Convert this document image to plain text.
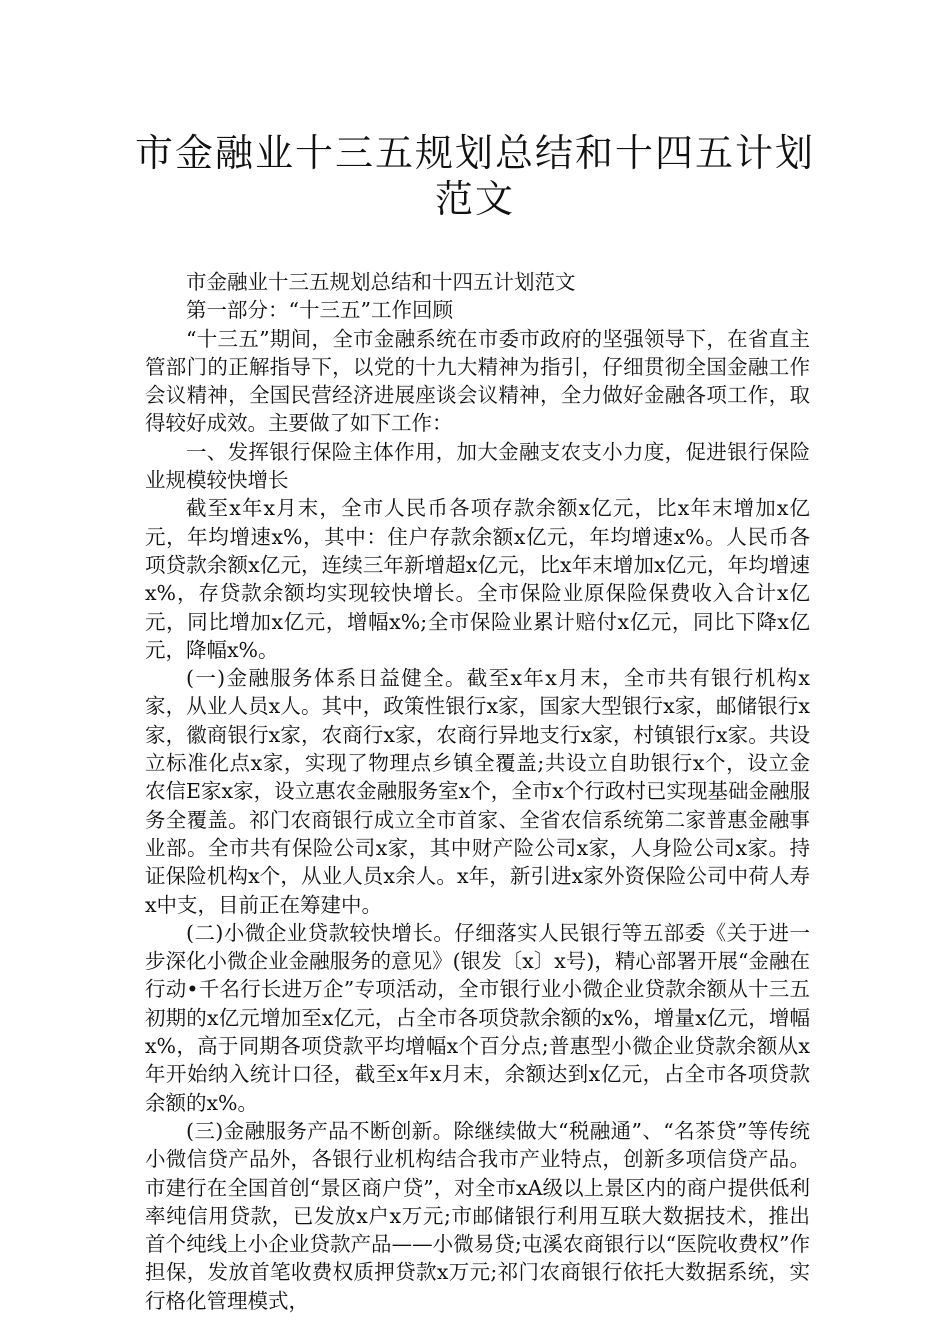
市金融业十三五规划总结和十四五计划
范文

市金融业十三五规划总结和十四五计划范文

第一部分：“十三五”工作回顾

“十三五”期间，全市金融系统在市委市政府的坚强领导下，在省直主管部门的正解指导下，以党的十九大精神为指引，仔细贯彻全国金融工作会议精神，全国民营经济进展座谈会议精神，全力做好金融各项工作，取得较好成效。主要做了如下工作：

一、发挥银行保险主体作用，加大金融支农支小力度，促进银行保险业规模较快增长

截至x年x月末，全市人民币各项存款余额x亿元，比x年末增加x亿元，年均增速x%，其中：住户存款余额x亿元，年均增速x%。人民币各项贷款余额x亿元，连续三年新增超x亿元，比x年末增加x亿元，年均增速x%，存贷款余额均实现较快增长。全市保险业原保险保费收入合计x亿元，同比增加x亿元，增幅x%;全市保险业累计赔付x亿元，同比下降x亿元，降幅x%。

(一)金融服务体系日益健全。截至x年x月末，全市共有银行机构x家，从业人员x人。其中，政策性银行x家，国家大型银行x家，邮储银行x家，徽商银行x家，农商行x家，农商行异地支行x家，村镇银行x家。共设立标准化点x家，实现了物理点乡镇全覆盖;共设立自助银行x个，设立金农信E家x家，设立惠农金融服务室x个，全市x个行政村已实现基础金融服务全覆盖。祁门农商银行成立全市首家、全省农信系统第二家普惠金融事业部。全市共有保险公司x家，其中财产险公司x家，人身险公司x家。持证保险机构x个，从业人员x余人。x年，新引进x家外资保险公司中荷人寿x中支，目前正在筹建中。

(二)小微企业贷款较快增长。仔细落实人民银行等五部委《关于进一步深化小微企业金融服务的意见》(银发〔x〕x号)，精心部署开展“金融在行动•千名行长进万企”专项活动，全市银行业小微企业贷款余额从十三五初期的x亿元增加至x亿元，占全市各项贷款余额的x%，增量x亿元，增幅x%，高于同期各项贷款平均增幅x个百分点;普惠型小微企业贷款余额从x年开始纳入统计口径，截至x年x月末，余额达到x亿元，占全市各项贷款余额的x%。

(三)金融服务产品不断创新。除继续做大“税融通”、“名茶贷”等传统小微信贷产品外，各银行业机构结合我市产业特点，创新多项信贷产品。市建行在全国首创“景区商户贷”，对全市xA级以上景区内的商户提供低利率纯信用贷款，已发放x户x万元;市邮储银行利用互联大数据技术，推出首个纯线上小企业贷款产品——小微易贷;屯溪农商银行以“医院收费权”作担保，发放首笔收费权质押贷款x万元;祁门农商银行依托大数据系统，实行格化管理模式，
